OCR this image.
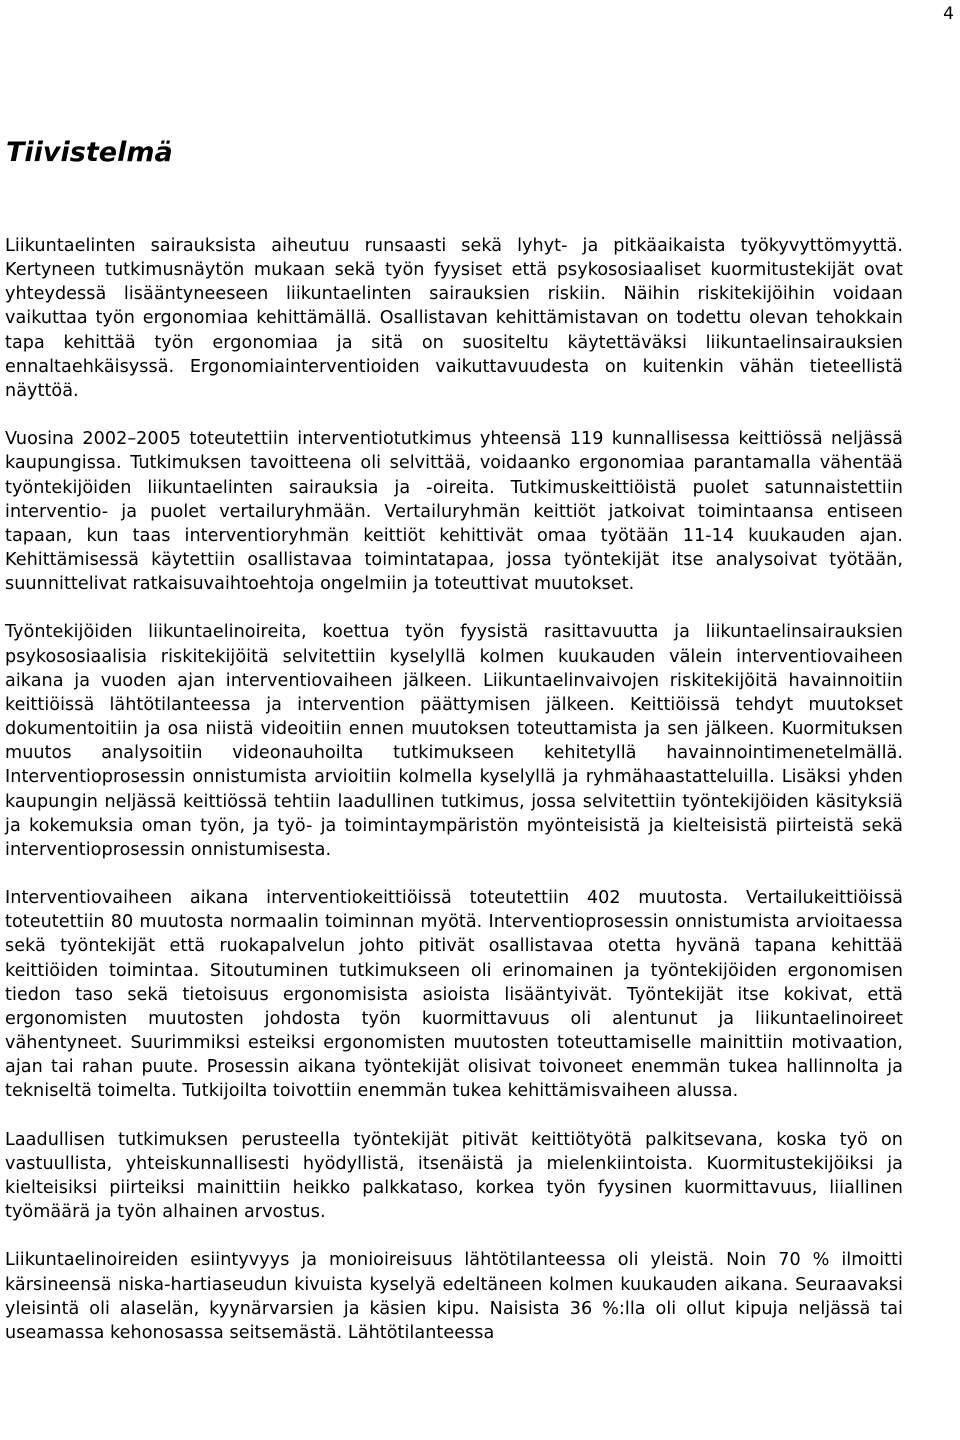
4
Tiivistelmä

Liikuntaelinten sairauksista aiheutuu runsaasti sekä lyhyt- ja pitkäaikaista työkyvyttömyyttä. Kertyneen tutkimusnäytön mukaan sekä työn fyysiset että psykososiaaliset kuormitustekijät ovat yhteydessä lisääntyneeseen liikuntaelinten sairauksien riskiin. Näihin riskitekijöihin voidaan vaikuttaa työn ergonomiaa kehittämällä. Osallistavan kehittämistavan on todettu olevan tehokkain tapa kehittää työn ergonomiaa ja sitä on suositeltu käytettäväksi liikuntaelinsairauksien ennaltaehkäisyssä. Ergonomiainterventioiden vaikuttavuudesta on kuitenkin vähän tieteellistä näyttöä.

Vuosina 2002–2005 toteutettiin interventiotutkimus yhteensä 119 kunnallisessa keittiössä neljässä kaupungissa. Tutkimuksen tavoitteena oli selvittää, voidaanko ergonomiaa parantamalla vähentää työntekijöiden liikuntaelinten sairauksia ja -oireita. Tutkimuskeittiöistä puolet satunnaistettiin interventio- ja puolet vertailuryhmään. Vertailuryhmän keittiöt jatkoivat toimintaansa entiseen tapaan, kun taas interventioryhmän keittiöt kehittivät omaa työtään 11-14 kuukauden ajan. Kehittämisessä käytettiin osallistavaa toimintatapaa, jossa työntekijät itse analysoivat työtään, suunnittelivat ratkaisuvaihtoehtoja ongelmiin ja toteuttivat muutokset.

Työntekijöiden liikuntaelinoireita, koettua työn fyysistä rasittavuutta ja liikuntaelinsairauksien psykososiaalisia riskitekijöitä selvitettiin kyselyllä kolmen kuukauden välein interventiovaiheen aikana ja vuoden ajan interventiovaiheen jälkeen. Liikuntaelinvaivojen riskitekijöitä havainnoitiin keittiöissä lähtötilanteessa ja intervention päättymisen jälkeen. Keittiöissä tehdyt muutokset dokumentoitiin ja osa niistä videoitiin ennen muutoksen toteuttamista ja sen jälkeen. Kuormituksen muutos analysoitiin videonauhoilta tutkimukseen kehitetyllä havainnointimenetelmällä. Interventioprosessin onnistumista arvioitiin kolmella kyselyllä ja ryhmähaastatteluilla. Lisäksi yhden kaupungin neljässä keittiössä tehtiin laadullinen tutkimus, jossa selvitettiin työntekijöiden käsityksiä ja kokemuksia oman työn, ja työ- ja toimintaympäristön myönteisistä ja kielteisistä piirteistä sekä interventioprosessin onnistumisesta.

Interventiovaiheen aikana interventiokeittiöissä toteutettiin 402 muutosta. Vertailukeittiöissä toteutettiin 80 muutosta normaalin toiminnan myötä. Interventioprosessin onnistumista arvioitaessa sekä työntekijät että ruokapalvelun johto pitivät osallistavaa otetta hyvänä tapana kehittää keittiöiden toimintaa. Sitoutuminen tutkimukseen oli erinomainen ja työntekijöiden ergonomisen tiedon taso sekä tietoisuus ergonomisista asioista lisääntyivät. Työntekijät itse kokivat, että ergonomisten muutosten johdosta työn kuormittavuus oli alentunut ja liikuntaelinoireet vähentyneet. Suurimmiksi esteiksi ergonomisten muutosten toteuttamiselle mainittiin motivaation, ajan tai rahan puute. Prosessin aikana työntekijät olisivat toivoneet enemmän tukea hallinnolta ja tekniseltä toimelta. Tutkijoilta toivottiin enemmän tukea kehittämisvaiheen alussa.

Laadullisen tutkimuksen perusteella työntekijät pitivät keittiötyötä palkitsevana, koska työ on vastuullista, yhteiskunnallisesti hyödyllistä, itsenäistä ja mielenkiintoista. Kuormitustekijöiksi ja kielteisiksi piirteiksi mainittiin heikko palkkataso, korkea työn fyysinen kuormittavuus, liiallinen työmäärä ja työn alhainen arvostus.

Liikuntaelinoireiden esiintyvyys ja monioireisuus lähtötilanteessa oli yleistä. Noin 70 % ilmoitti kärsineensä niska-hartiaseudun kivuista kyselyä edeltäneen kolmen kuukauden aikana. Seuraavaksi yleisintä oli alaselän, kyynärvarsien ja käsien kipu. Naisista 36 %:lla oli ollut kipuja neljässä tai useamassa kehonosassa seitsemästä. Lähtötilanteessa
